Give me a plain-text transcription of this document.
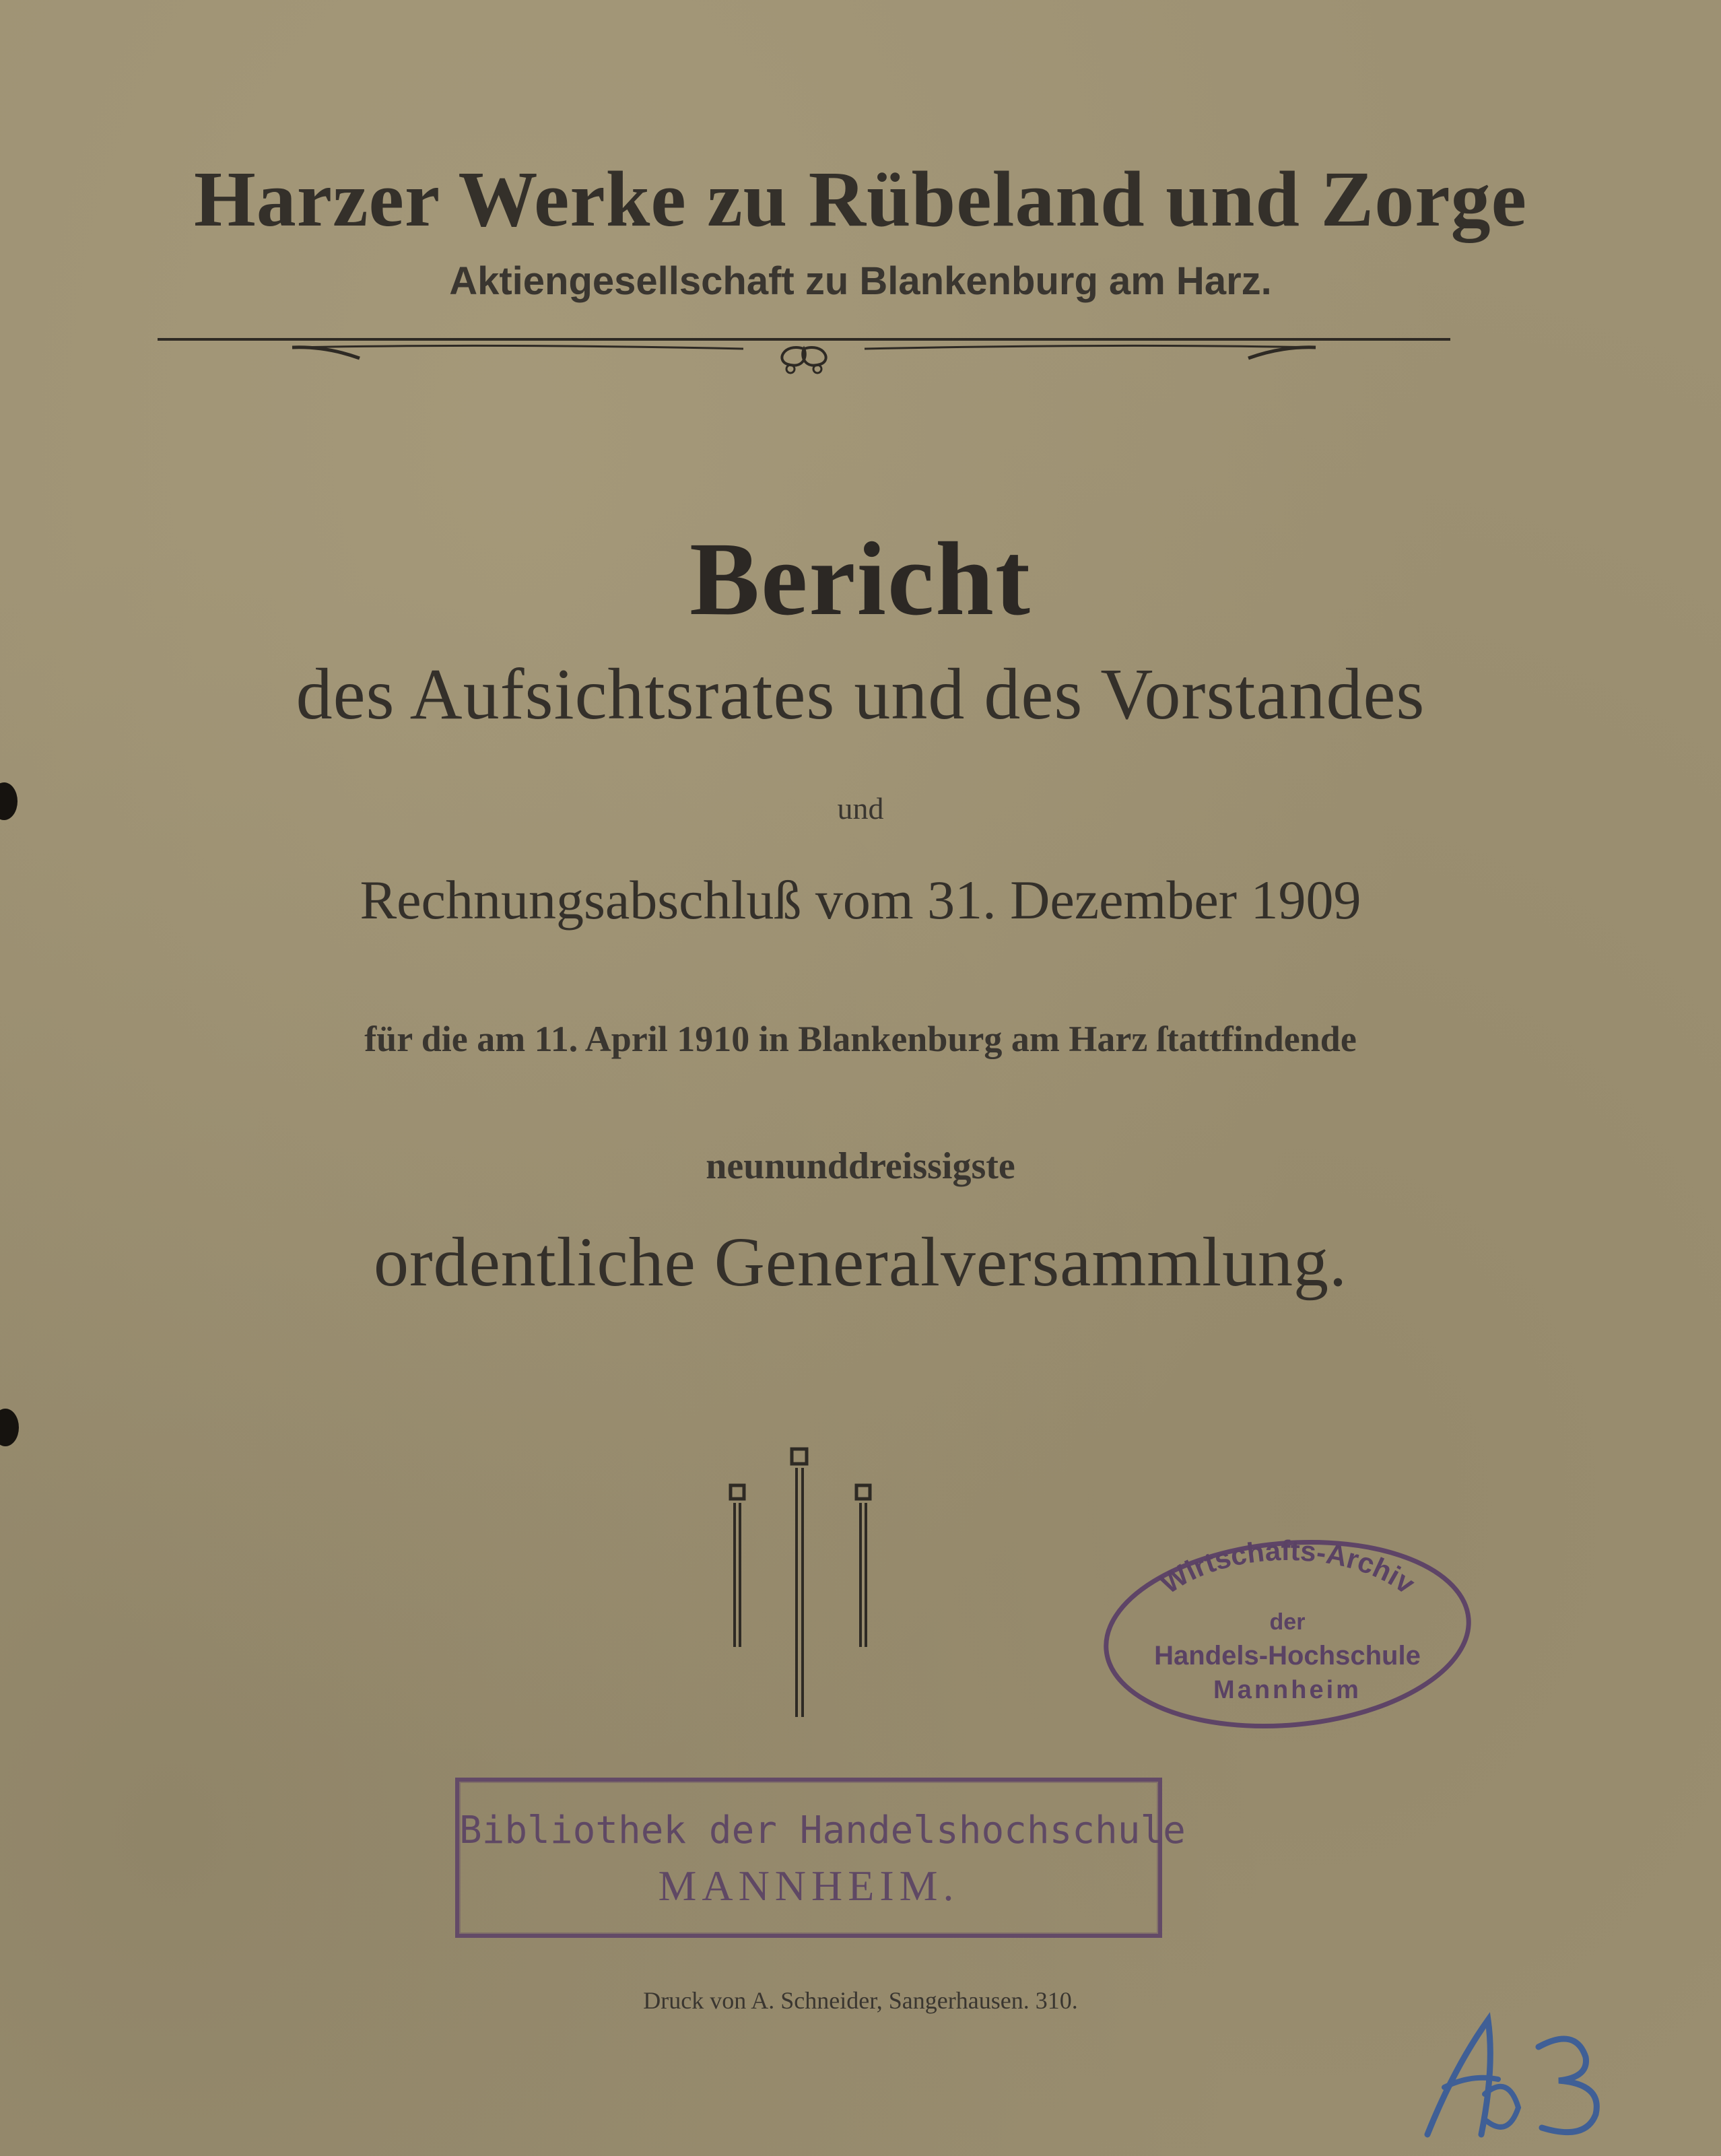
Harzer Werke zu Rübeland und Zorge
Aktiengesellschaft zu Blankenburg am Harz.
Bericht
des Aufsichtsrates und des Vorstandes
und
Rechnungsabschluß vom 31. Dezember 1909
für die am 11. April 1910 in Blankenburg am Harz ſtattfindende
neununddreissigste
ordentliche Generalversammlung.
Wirtschafts-Archiv
der
Handels-Hochschule
Mannheim
Bibliothek der Handelshochschule
MANNHEIM.
Druck von A. Schneider, Sangerhausen. 310.
